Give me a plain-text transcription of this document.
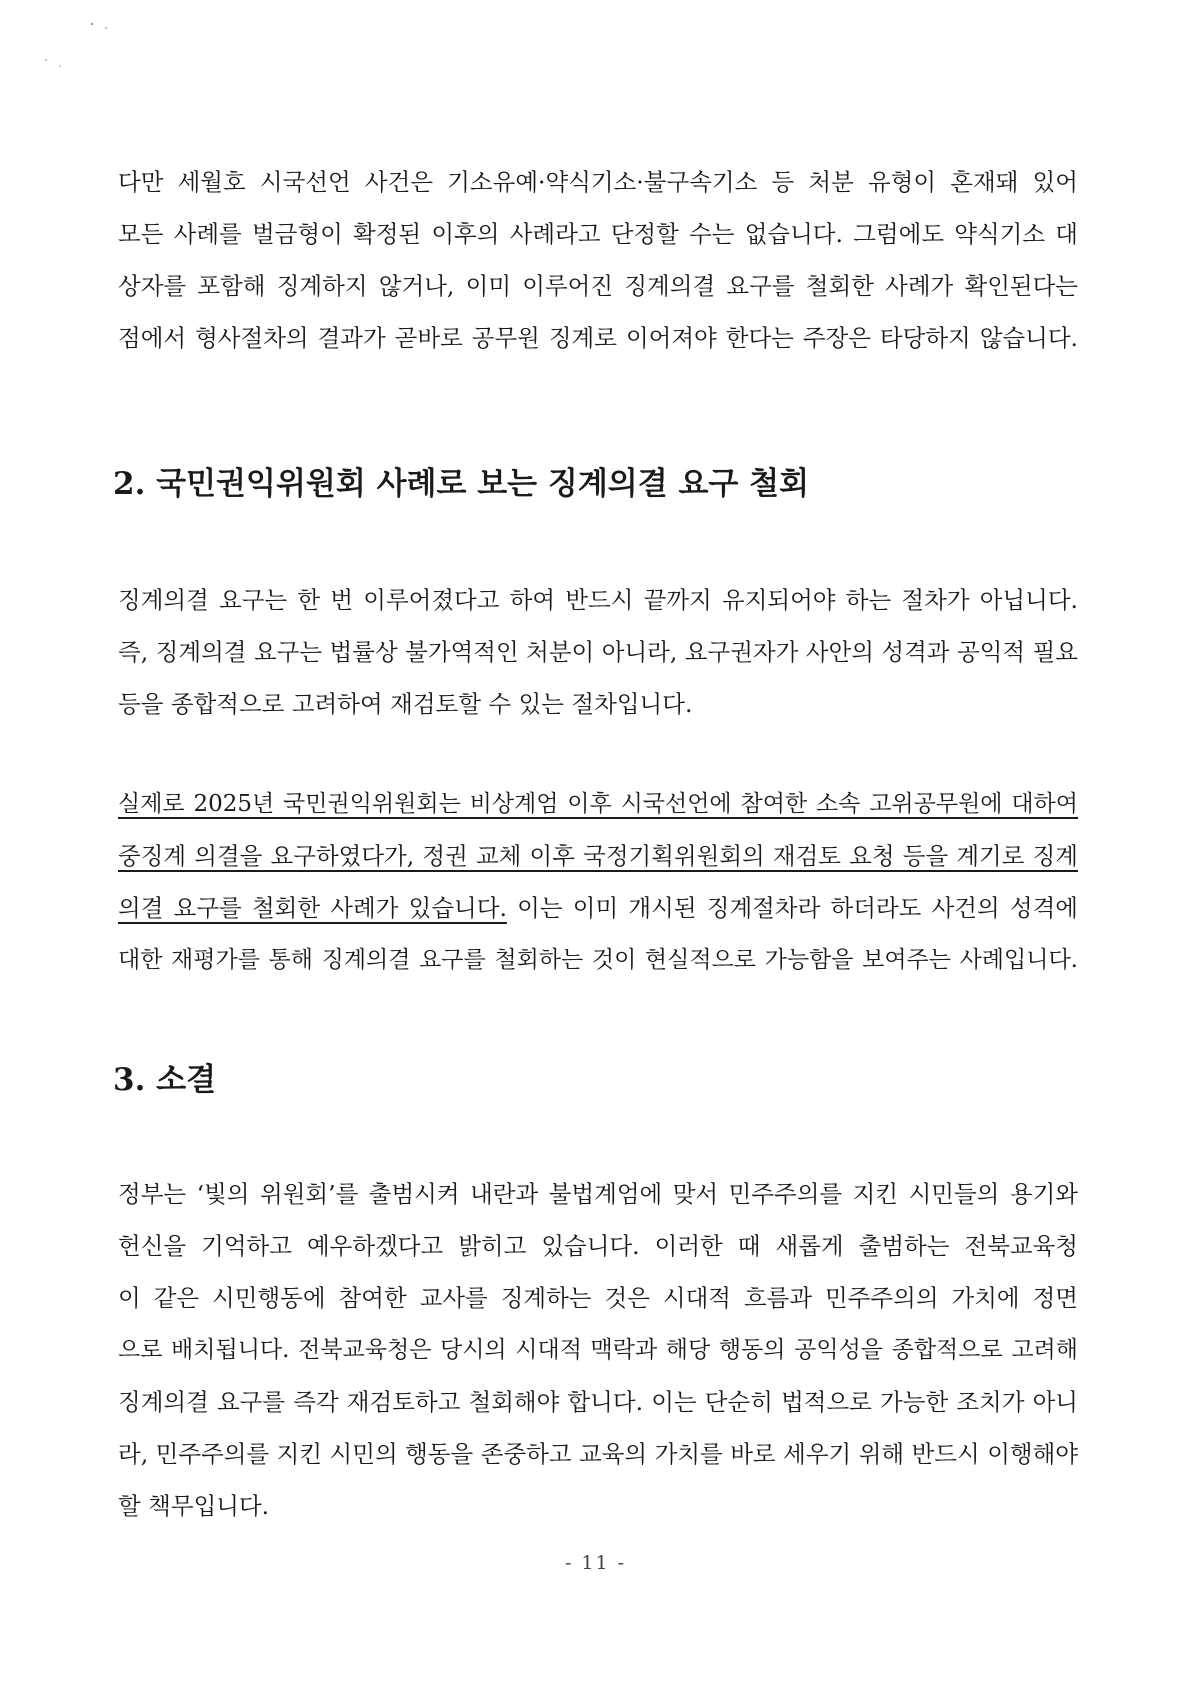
다만 세월호 시국선언 사건은 기소유예·약식기소·불구속기소 등 처분 유형이 혼재돼 있어
모든 사례를 벌금형이 확정된 이후의 사례라고 단정할 수는 없습니다. 그럼에도 약식기소 대
상자를 포함해 징계하지 않거나, 이미 이루어진 징계의결 요구를 철회한 사례가 확인된다는
점에서 형사절차의 결과가 곧바로 공무원 징계로 이어져야 한다는 주장은 타당하지 않습니다.
2. 국민권익위원회 사례로 보는 징계의결 요구 철회
징계의결 요구는 한 번 이루어졌다고 하여 반드시 끝까지 유지되어야 하는 절차가 아닙니다.
즉, 징계의결 요구는 법률상 불가역적인 처분이 아니라, 요구권자가 사안의 성격과 공익적 필요
등을 종합적으로 고려하여 재검토할 수 있는 절차입니다.
실제로 2025년 국민권익위원회는 비상계엄 이후 시국선언에 참여한 소속 고위공무원에 대하여
중징계 의결을 요구하였다가, 정권 교체 이후 국정기획위원회의 재검토 요청 등을 계기로 징계
의결 요구를 철회한 사례가 있습니다. 이는 이미 개시된 징계절차라 하더라도 사건의 성격에
대한 재평가를 통해 징계의결 요구를 철회하는 것이 현실적으로 가능함을 보여주는 사례입니다.
3. 소결
정부는 ‘빛의 위원회’를 출범시켜 내란과 불법계엄에 맞서 민주주의를 지킨 시민들의 용기와
헌신을 기억하고 예우하겠다고 밝히고 있습니다. 이러한 때 새롭게 출범하는 전북교육청
이 같은 시민행동에 참여한 교사를 징계하는 것은 시대적 흐름과 민주주의의 가치에 정면
으로 배치됩니다. 전북교육청은 당시의 시대적 맥락과 해당 행동의 공익성을 종합적으로 고려해
징계의결 요구를 즉각 재검토하고 철회해야 합니다. 이는 단순히 법적으로 가능한 조치가 아니
라, 민주주의를 지킨 시민의 행동을 존중하고 교육의 가치를 바로 세우기 위해 반드시 이행해야
할 책무입니다.
- 11 -
